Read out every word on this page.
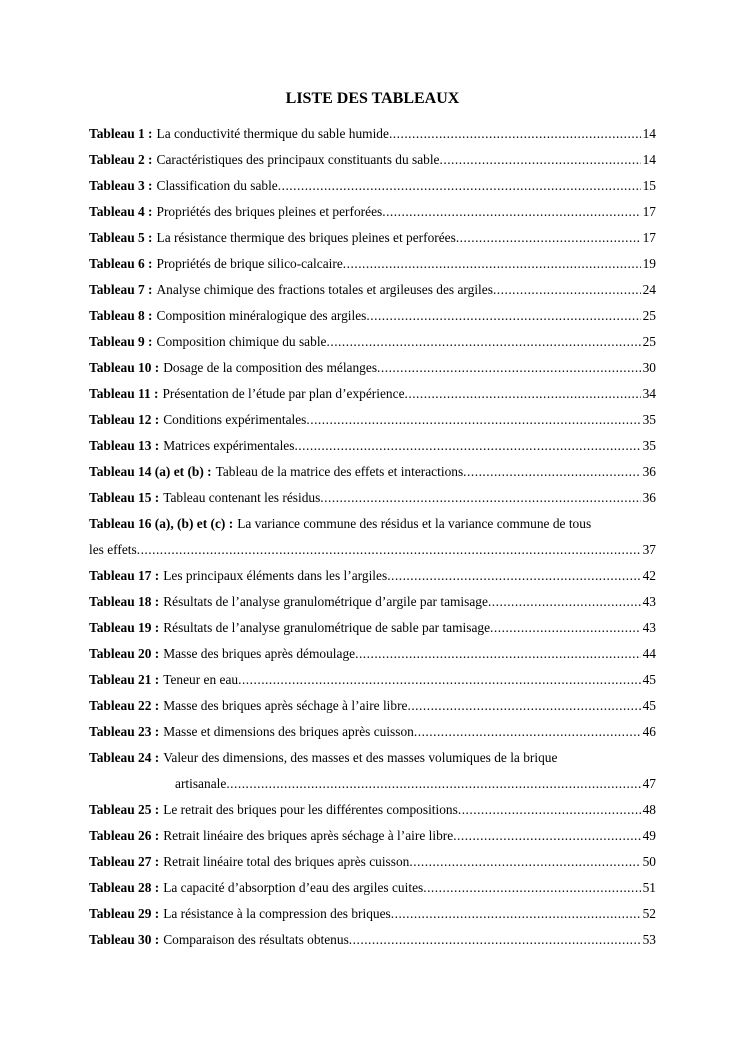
LISTE DES TABLEAUX
Tableau 1 : La conductivité thermique du sable humide .....	14
Tableau 2 : Caractéristiques des principaux constituants du sable .....	14
Tableau 3 : Classification du sable .....	15
Tableau 4 : Propriétés des briques pleines et perforées .....	17
Tableau 5 : La résistance thermique des briques pleines et perforées .....	17
Tableau 6 : Propriétés de brique silico-calcaire .....	19
Tableau 7 : Analyse chimique des fractions totales et argileuses des argiles .....	24
Tableau 8 : Composition minéralogique des argiles .....	25
Tableau 9 : Composition chimique du sable .....	25
Tableau 10 : Dosage de la composition des mélanges .....	30
Tableau 11 : Présentation de l’étude par plan d’expérience .....	34
Tableau 12 : Conditions expérimentales .....	35
Tableau 13 : Matrices expérimentales .....	35
Tableau 14 (a) et (b) : Tableau de la matrice des effets et interactions .....	36
Tableau 15 : Tableau contenant les résidus .....	36
Tableau 16 (a), (b) et (c) : La variance commune des résidus et la variance commune de tous
les effets .....	37
Tableau 17 : Les principaux éléments dans les l’argiles .....	42
Tableau 18 : Résultats de l’analyse granulométrique d’argile par tamisage .....	43
Tableau 19 : Résultats de l’analyse granulométrique de sable par tamisage .....	43
Tableau 20 : Masse des briques après démoulage .....	44
Tableau 21 : Teneur en eau .....	45
Tableau 22 : Masse des briques après séchage à l’aire libre .....	45
Tableau 23 : Masse et dimensions des briques après cuisson .....	46
Tableau 24 : Valeur des dimensions, des masses et des masses volumiques de la brique
artisanale .....	47
Tableau 25 : Le retrait des briques pour les différentes compositions .....	48
Tableau 26 : Retrait linéaire des briques après séchage à l’aire libre .....	49
Tableau 27 : Retrait linéaire total des briques après cuisson .....	50
Tableau 28 : La capacité d’absorption d’eau des argiles cuites .....	51
Tableau 29 : La résistance à la compression des briques .....	52
Tableau 30 : Comparaison des résultats obtenus .....	53
